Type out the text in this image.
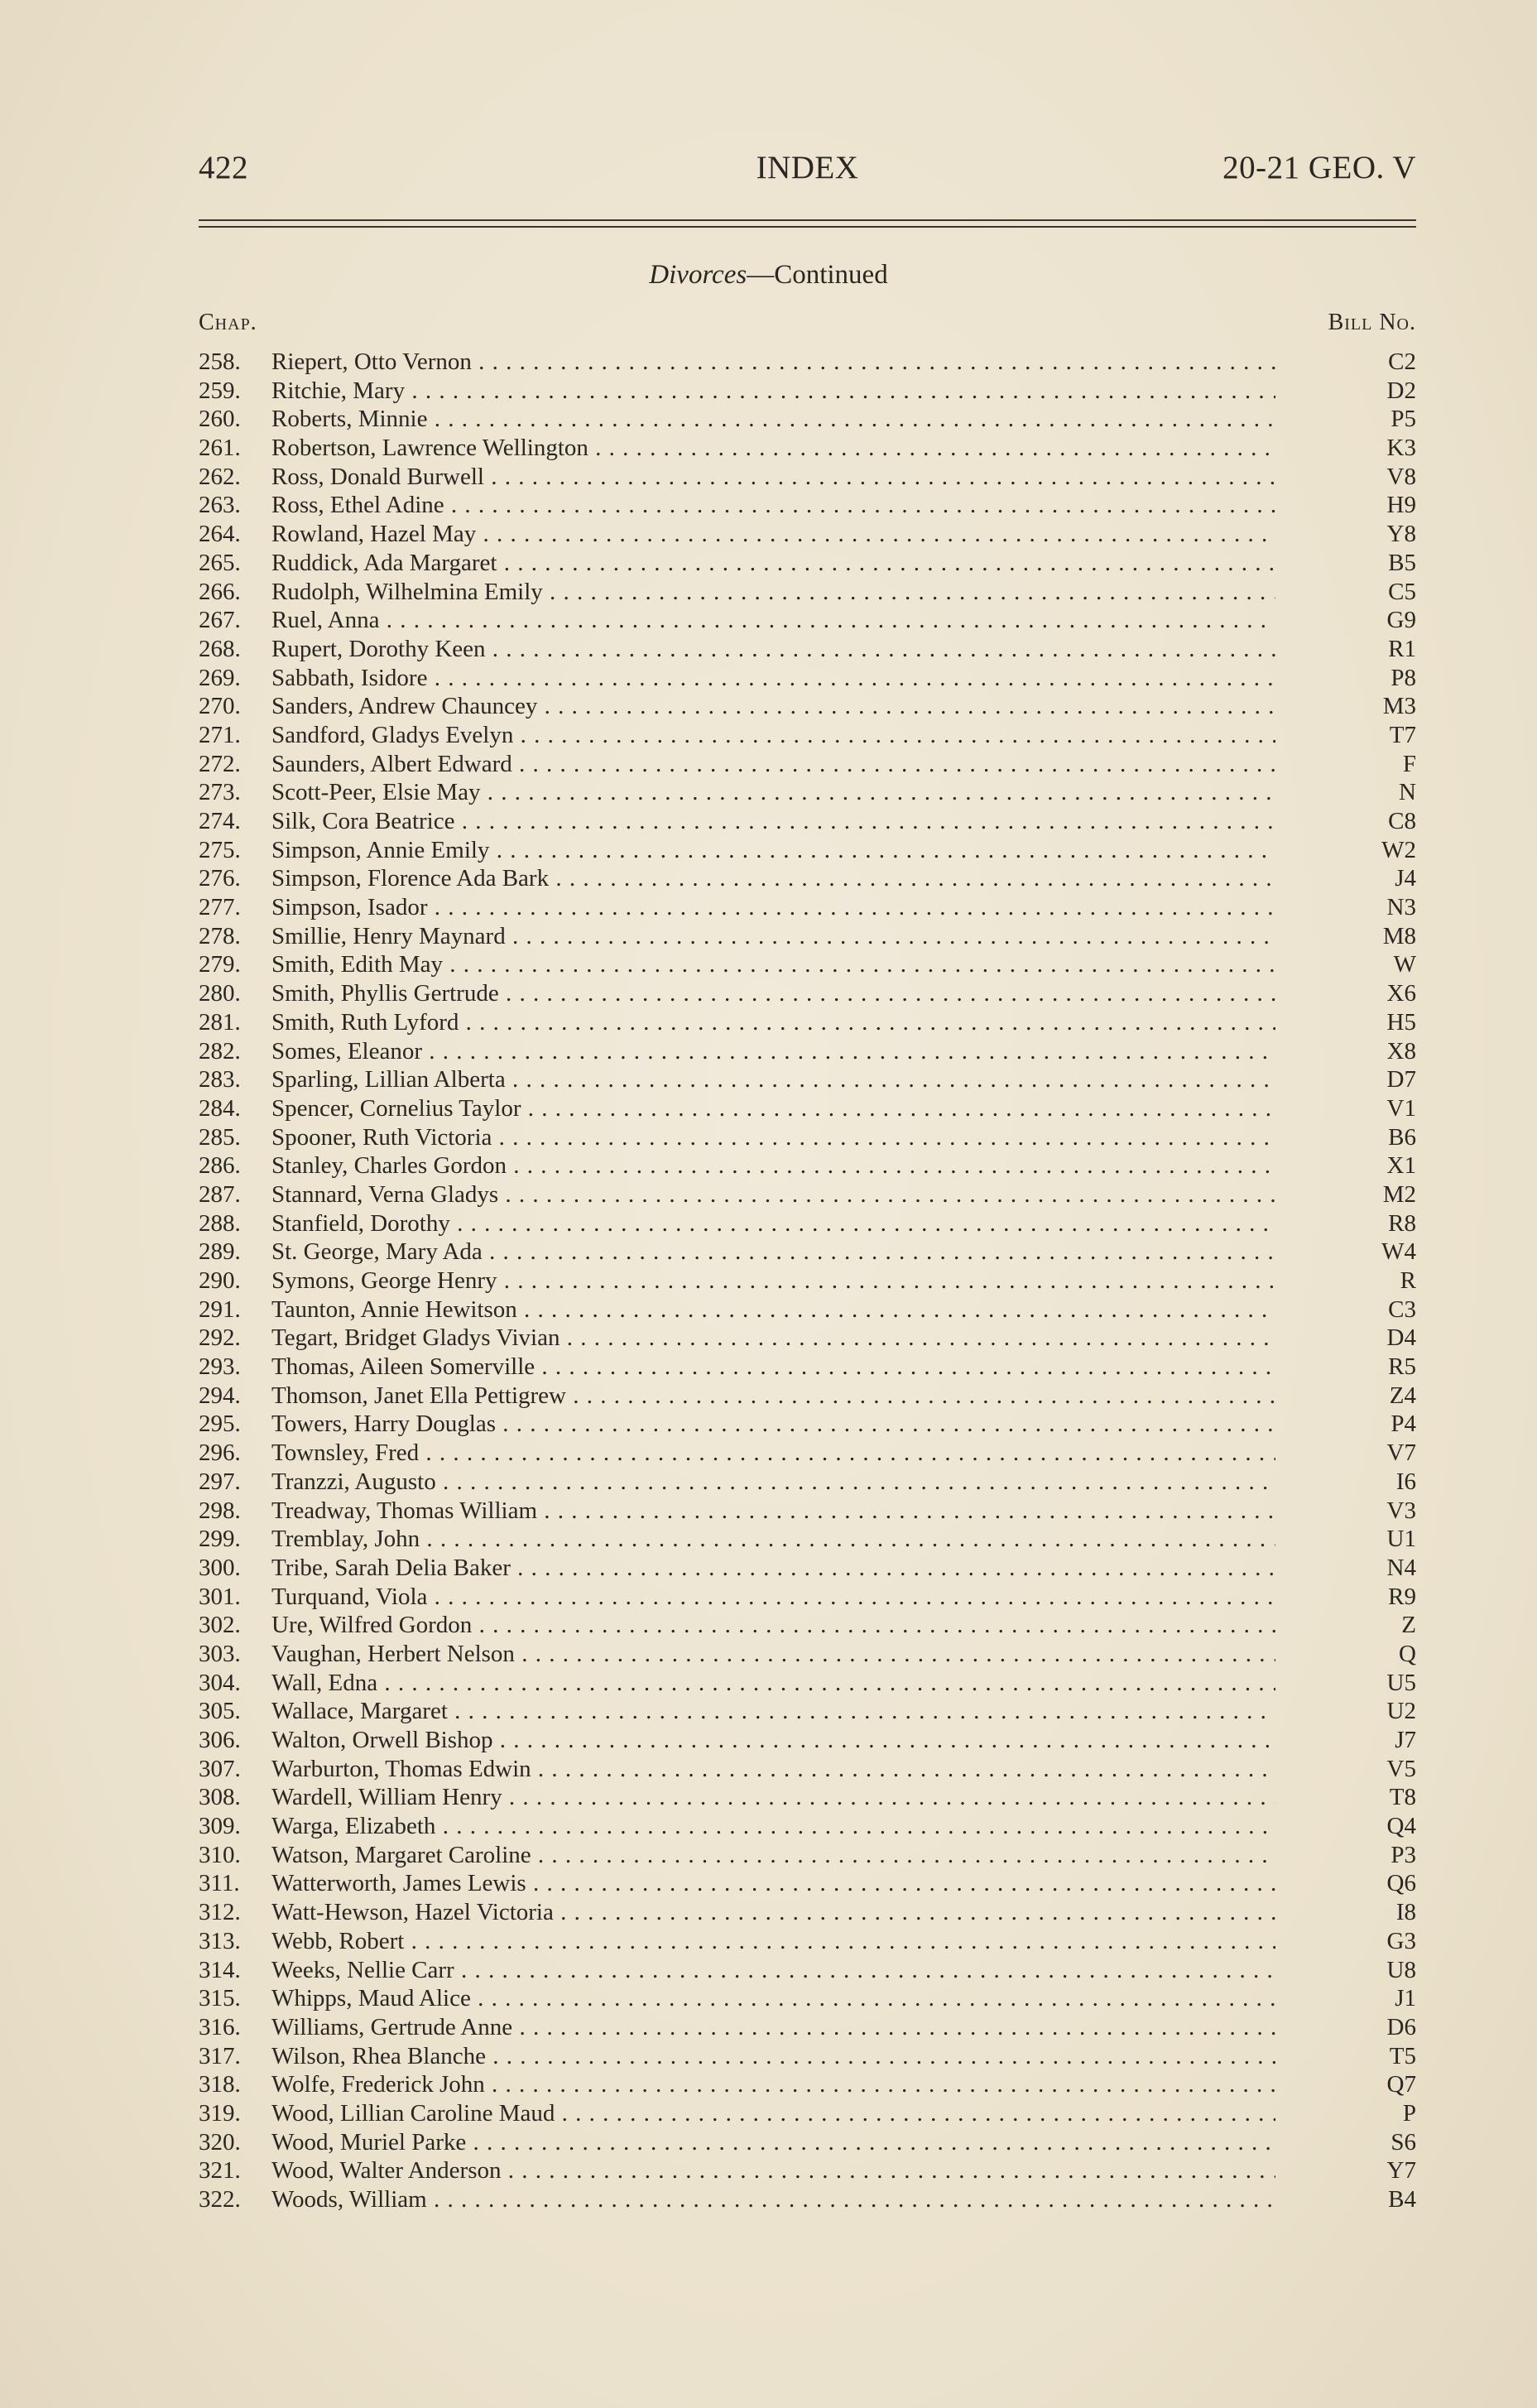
422	INDEX	20-21 GEO. V
Divorces—Continued
Chap.	Bill No.
258.	Riepert, Otto Vernon . . .	C2
259.	Ritchie, Mary . . .	D2
260.	Roberts, Minnie . . .	P5
261.	Robertson, Lawrence Wellington . . .	K3
262.	Ross, Donald Burwell . . .	V8
263.	Ross, Ethel Adine . . .	H9
264.	Rowland, Hazel May . . .	Y8
265.	Ruddick, Ada Margaret . . .	B5
266.	Rudolph, Wilhelmina Emily . . .	C5
267.	Ruel, Anna . . .	G9
268.	Rupert, Dorothy Keen . . .	R1
269.	Sabbath, Isidore . . .	P8
270.	Sanders, Andrew Chauncey . . .	M3
271.	Sandford, Gladys Evelyn . . .	T7
272.	Saunders, Albert Edward . . .	F
273.	Scott-Peer, Elsie May . . .	N
274.	Silk, Cora Beatrice . . .	C8
275.	Simpson, Annie Emily . . .	W2
276.	Simpson, Florence Ada Bark . . .	J4
277.	Simpson, Isador . . .	N3
278.	Smillie, Henry Maynard . . .	M8
279.	Smith, Edith May . . .	W
280.	Smith, Phyllis Gertrude . . .	X6
281.	Smith, Ruth Lyford . . .	H5
282.	Somes, Eleanor . . .	X8
283.	Sparling, Lillian Alberta . . .	D7
284.	Spencer, Cornelius Taylor . . .	V1
285.	Spooner, Ruth Victoria . . .	B6
286.	Stanley, Charles Gordon . . .	X1
287.	Stannard, Verna Gladys . . .	M2
288.	Stanfield, Dorothy . . .	R8
289.	St. George, Mary Ada . . .	W4
290.	Symons, George Henry . . .	R
291.	Taunton, Annie Hewitson . . .	C3
292.	Tegart, Bridget Gladys Vivian . . .	D4
293.	Thomas, Aileen Somerville . . .	R5
294.	Thomson, Janet Ella Pettigrew . . .	Z4
295.	Towers, Harry Douglas . . .	P4
296.	Townsley, Fred . . .	V7
297.	Tranzzi, Augusto . . .	I6
298.	Treadway, Thomas William . . .	V3
299.	Tremblay, John . . .	U1
300.	Tribe, Sarah Delia Baker . . .	N4
301.	Turquand, Viola . . .	R9
302.	Ure, Wilfred Gordon . . .	Z
303.	Vaughan, Herbert Nelson . . .	Q
304.	Wall, Edna . . .	U5
305.	Wallace, Margaret . . .	U2
306.	Walton, Orwell Bishop . . .	J7
307.	Warburton, Thomas Edwin . . .	V5
308.	Wardell, William Henry . . .	T8
309.	Warga, Elizabeth . . .	Q4
310.	Watson, Margaret Caroline . . .	P3
311.	Watterworth, James Lewis . . .	Q6
312.	Watt-Hewson, Hazel Victoria . . .	I8
313.	Webb, Robert . . .	G3
314.	Weeks, Nellie Carr . . .	U8
315.	Whipps, Maud Alice . . .	J1
316.	Williams, Gertrude Anne . . .	D6
317.	Wilson, Rhea Blanche . . .	T5
318.	Wolfe, Frederick John . . .	Q7
319.	Wood, Lillian Caroline Maud . . .	P
320.	Wood, Muriel Parke . . .	S6
321.	Wood, Walter Anderson . . .	Y7
322.	Woods, William . . .	B4
